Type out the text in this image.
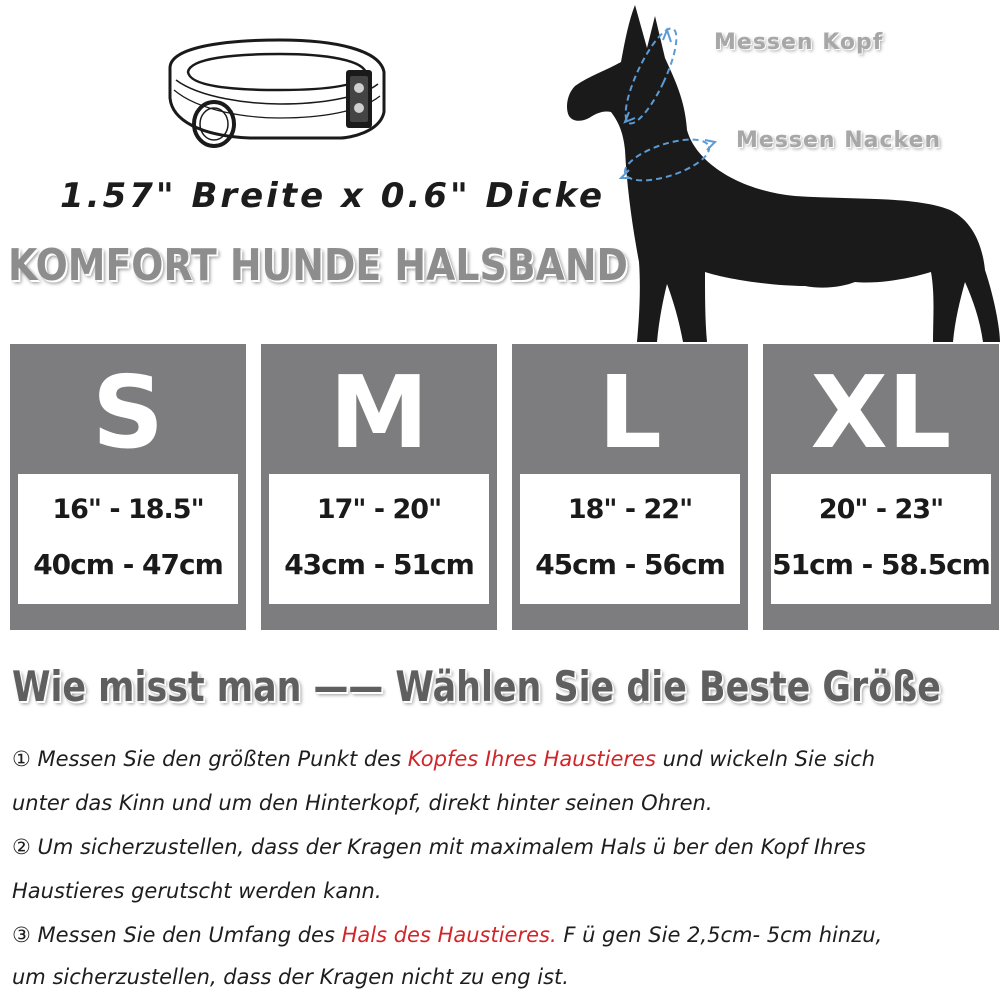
1.57" Breite x 0.6" Dicke
KOMFORT HUNDE HALSBAND
Messen Kopf
Messen Nacken
S
16" - 18.5"
40cm - 47cm
M
17" - 20"
43cm - 51cm
L
18" - 22"
45cm - 56cm
XL
20" - 23"
51cm - 58.5cm
Wie misst man —— Wählen Sie die Beste Größe
① Messen Sie den größten Punkt des Kopfes Ihres Haustieres und wickeln Sie sich
unter das Kinn und um den Hinterkopf, direkt hinter seinen Ohren.
② Um sicherzustellen, dass der Kragen mit maximalem Hals ü ber den Kopf Ihres
Haustieres gerutscht werden kann.
③ Messen Sie den Umfang des Hals des Haustieres. F ü gen Sie 2,5cm- 5cm hinzu,
um sicherzustellen, dass der Kragen nicht zu eng ist.
